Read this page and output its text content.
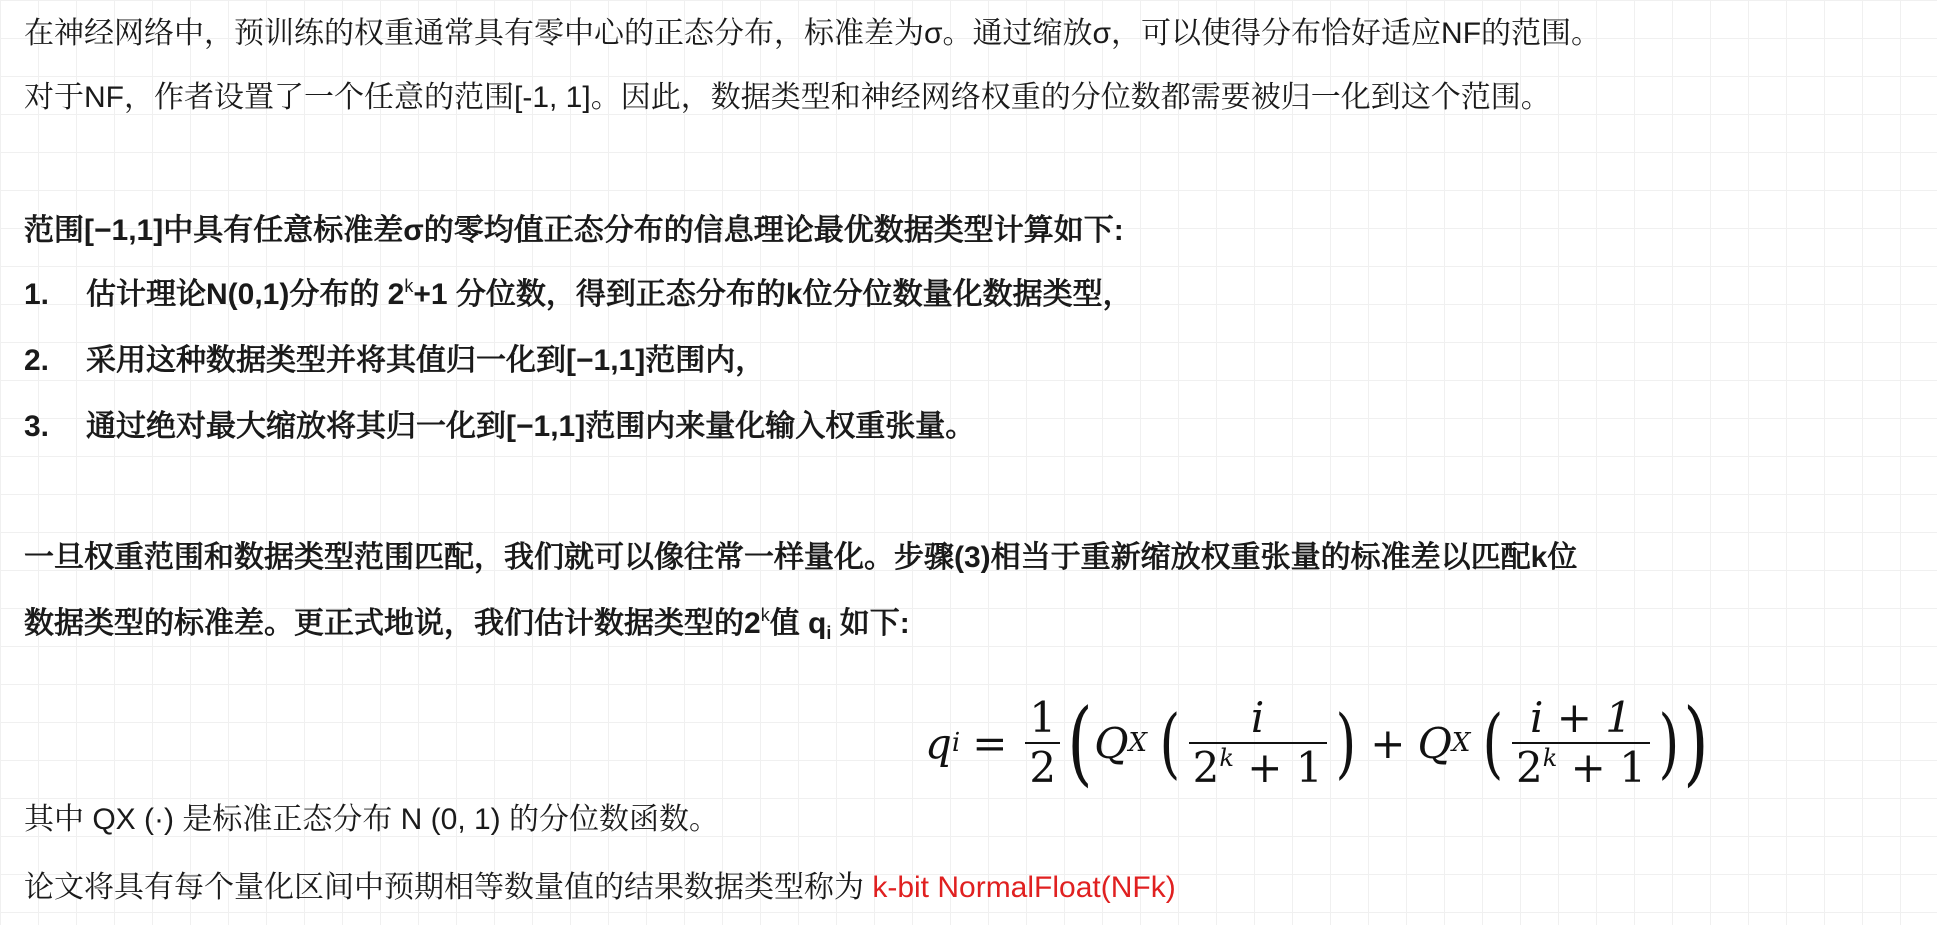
在神经网络中，预训练的权重通常具有零中心的正态分布，标准差为σ。通过缩放σ，可以使得分布恰好适应NF的范围。
对于NF，作者设置了一个任意的范围[-1, 1]。因此，数据类型和神经网络权重的分位数都需要被归一化到这个范围。
范围[−1,1]中具有任意标准差σ的零均值正态分布的信息理论最优数据类型计算如下:
1. 估计理论N(0,1)分布的 $2^k+1$ 分位数，得到正态分布的k位分位数量化数据类型，
2. 采用这种数据类型并将其值归一化到[−1,1]范围内，
3. 通过绝对最大缩放将其归一化到[−1,1]范围内来量化输入权重张量。
一旦权重范围和数据类型范围匹配，我们就可以像往常一样量化。步骤(3)相当于重新缩放权重张量的标准差以匹配k位
数据类型的标准差。更正式地说，我们估计数据类型的2$^k$值 $q_i$ 如下:
其中 QX (·) 是标准正态分布 N (0, 1) 的分位数函数。
论文将具有每个量化区间中预期相等数量值的结果数据类型称为 k-bit NormalFloat(NFk)
q $i = \frac{1}{2}$ ( Q X ( $\frac{i}{2^k + 1}$ ) + Q X ( $\frac{i + 1}{2^k + 1}$ ) )
